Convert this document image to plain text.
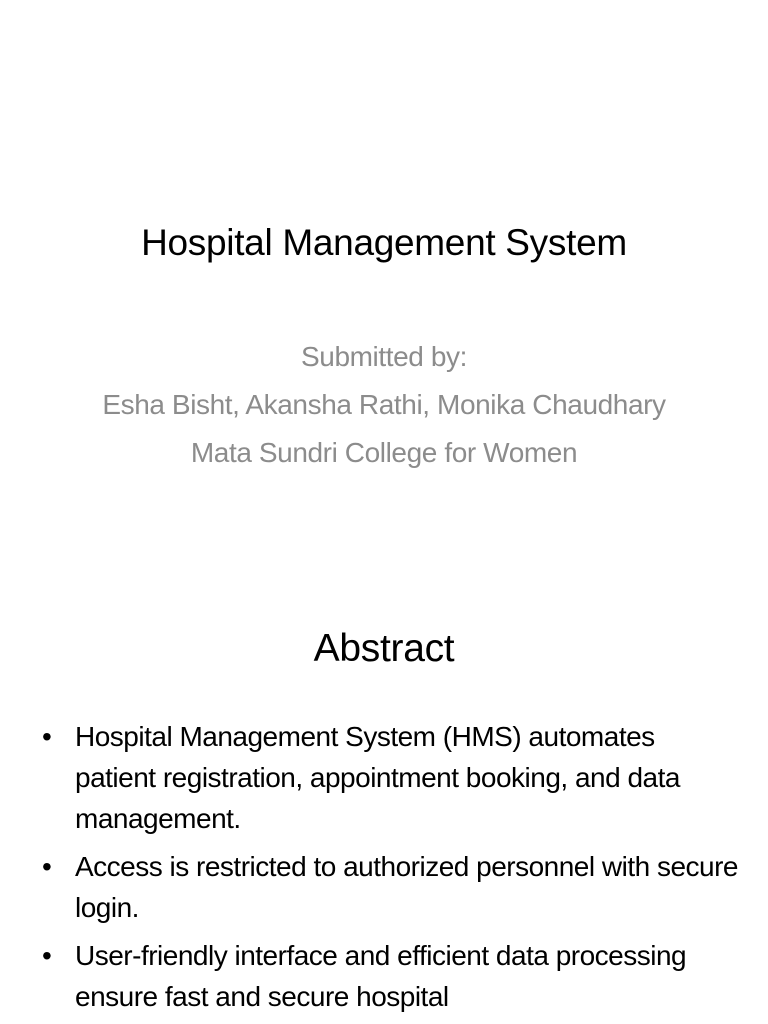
Hospital Management System
Submitted by:
Esha Bisht, Akansha Rathi, Monika Chaudhary
Mata Sundri College for Women
Abstract
• Hospital Management System (HMS) automates patient registration, appointment booking, and data management.
• Access is restricted to authorized personnel with secure login.
• User-friendly interface and efficient data processing ensure fast and secure hospital
